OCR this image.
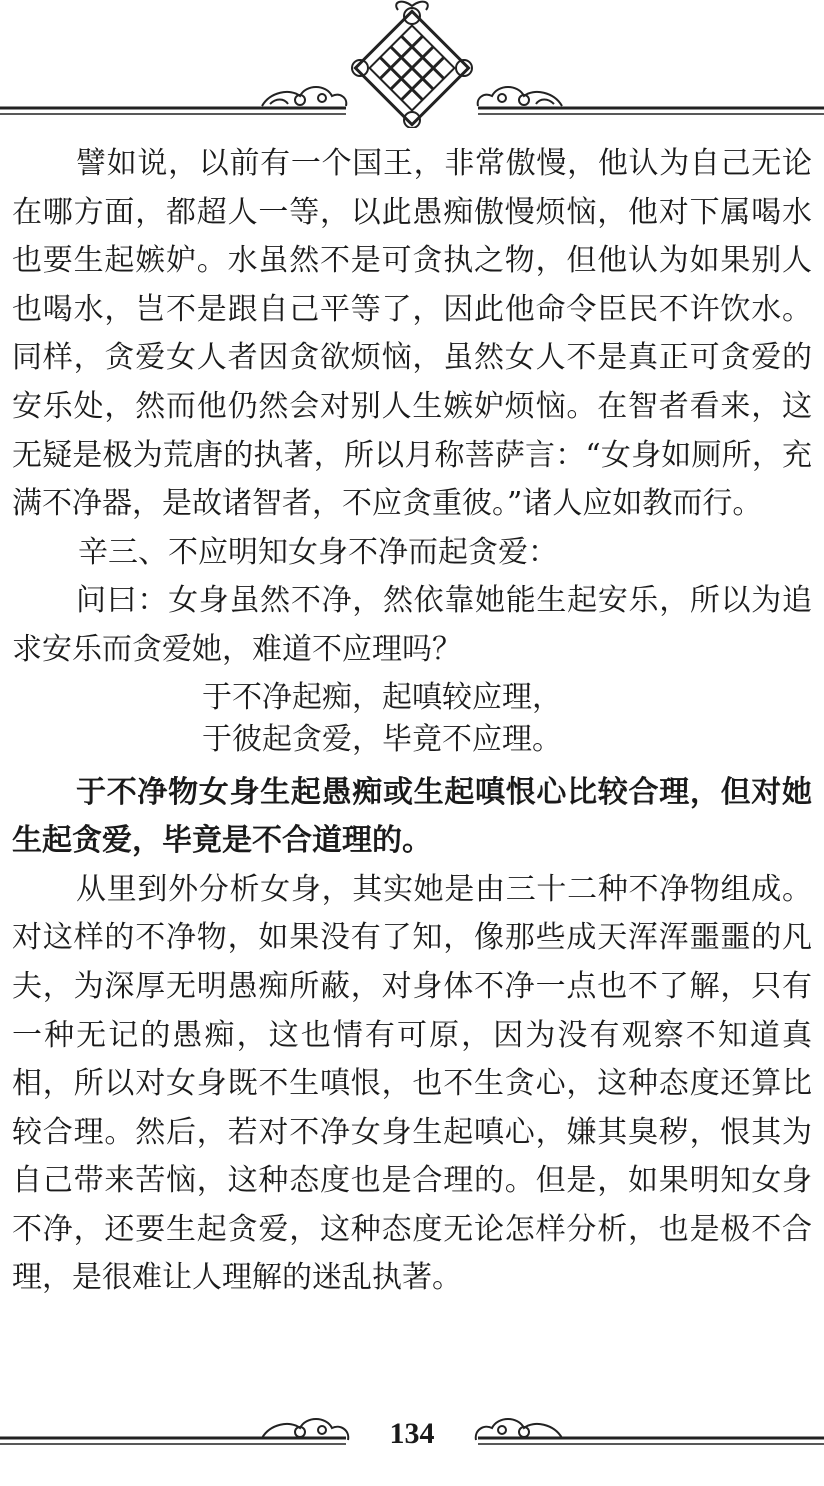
譬如说，以前有一个国王，非常傲慢，他认为自己无论在哪方面，都超人一等，以此愚痴傲慢烦恼，他对下属喝水也要生起嫉妒。水虽然不是可贪执之物，但他认为如果别人也喝水，岂不是跟自己平等了，因此他命令臣民不许饮水。同样，贪爱女人者因贪欲烦恼，虽然女人不是真正可贪爱的安乐处，然而他仍然会对别人生嫉妒烦恼。在智者看来，这无疑是极为荒唐的执著，所以月称菩萨言：“女身如厕所，充满不净器，是故诸智者，不应贪重彼。”诸人应如教而行。

辛三、不应明知女身不净而起贪爱：

问曰：女身虽然不净，然依靠她能生起安乐，所以为追求安乐而贪爱她，难道不应理吗？

于不净起痴，起嗔较应理，

于彼起贪爱，毕竟不应理。

于不净物女身生起愚痴或生起嗔恨心比较合理，但对她生起贪爱，毕竟是不合道理的。

从里到外分析女身，其实她是由三十二种不净物组成。对这样的不净物，如果没有了知，像那些成天浑浑噩噩的凡夫，为深厚无明愚痴所蔽，对身体不净一点也不了解，只有一种无记的愚痴，这也情有可原，因为没有观察不知道真相，所以对女身既不生嗔恨，也不生贪心，这种态度还算比较合理。然后，若对不净女身生起嗔心，嫌其臭秽，恨其为自己带来苦恼，这种态度也是合理的。但是，如果明知女身不净，还要生起贪爱，这种态度无论怎样分析，也是极不合理，是很难让人理解的迷乱执著。

134
